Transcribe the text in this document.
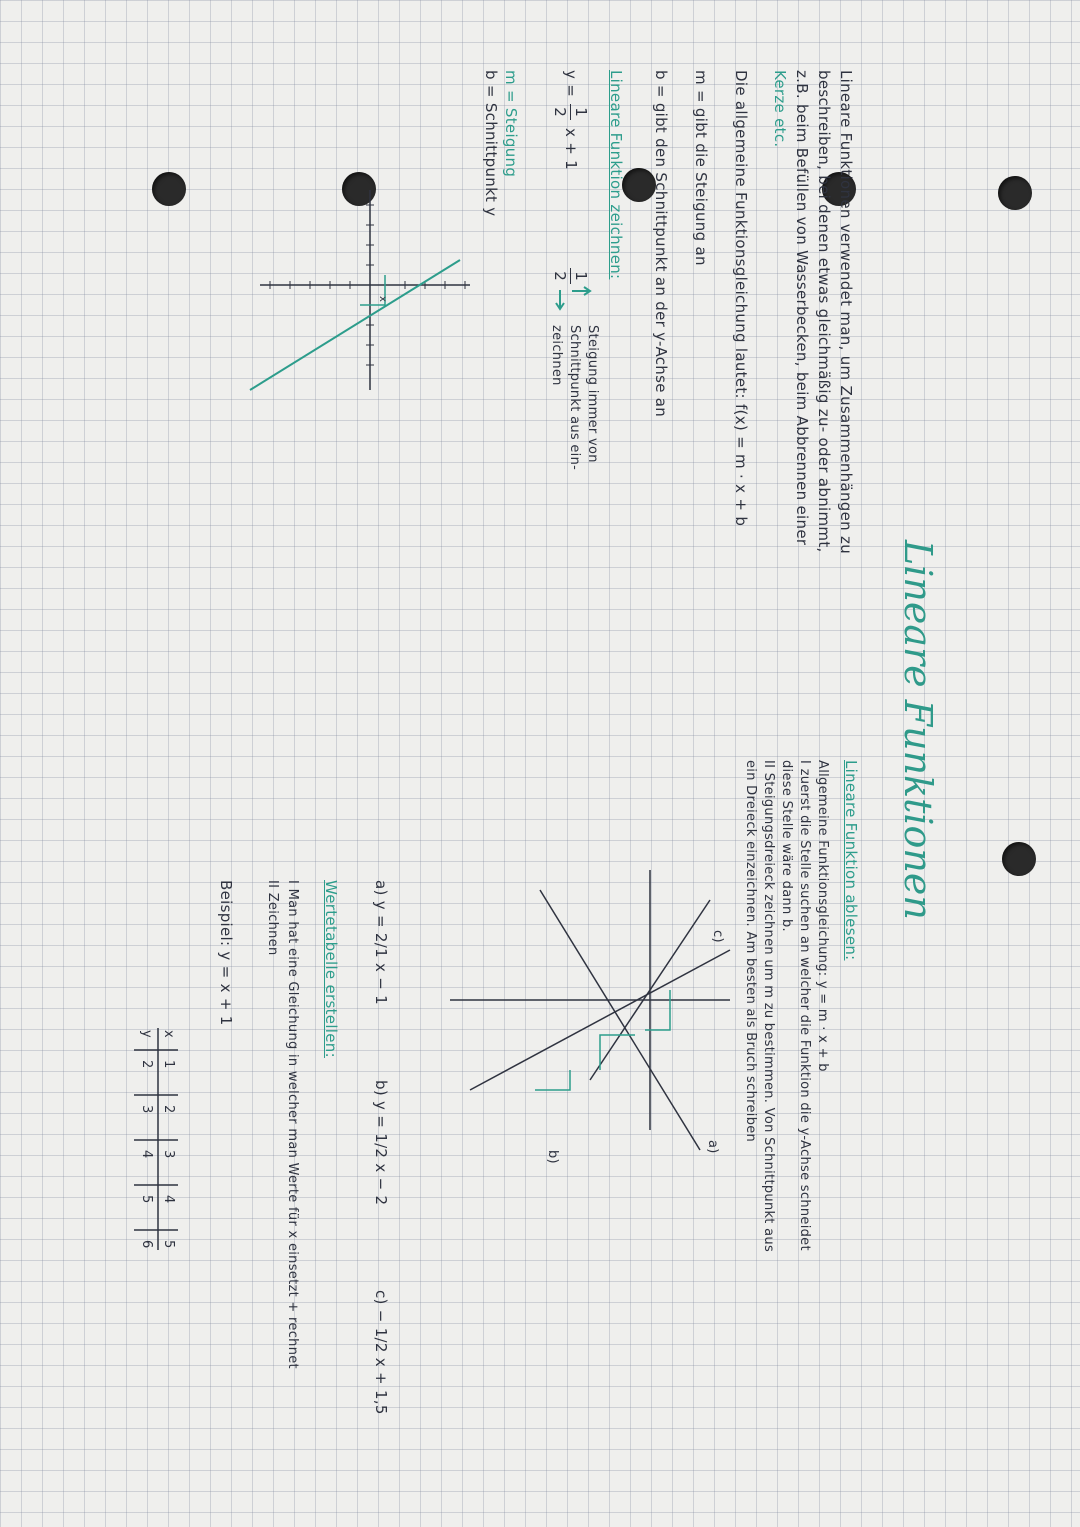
Lineare Funktionen
Lineare Funktionen verwendet man, um Zusammenhängen zu
beschreiben, bei denen etwas gleichmäßig zu- oder abnimmt,
z.B. beim Befüllen von Wasserbecken, beim Abbrennen einer
Kerze etc.
Die allgemeine Funktionsgleichung lautet: f(x) = m · x + b
m = gibt die Steigung an
b = gibt den Schnittpunkt an der y-Achse an
Lineare Funktion zeichnen:
y =
1
2
x + 1
1
2
Steigung immer von
Schnittpunkt aus ein-
zeichnen
m = Steigung
b = Schnittpunkt y
x
Lineare Funktion ablesen:
Allgemeine Funktionsgleichung: y = m · x + b
I zuerst die Stelle suchen an welcher die Funktion die y-Achse schneidet
diese Stelle wäre dann b.
II Steigungsdreieck zeichnen um m zu bestimmen. Von Schnittpunkt aus
ein Dreieck einzeichnen. Am besten als Bruch schreiben
a)
b)
c)
a) y = 2/1 x − 1
b) y = 1/2 x − 2
c) − 1/2 x + 1,5
Wertetabelle erstellen:
I Man hat eine Gleichung in welcher man Werte für x einsetzt + rechnet
II Zeichnen
Beispiel: y = x + 1
x
y
1
2
3
4
5
2
3
4
5
6
